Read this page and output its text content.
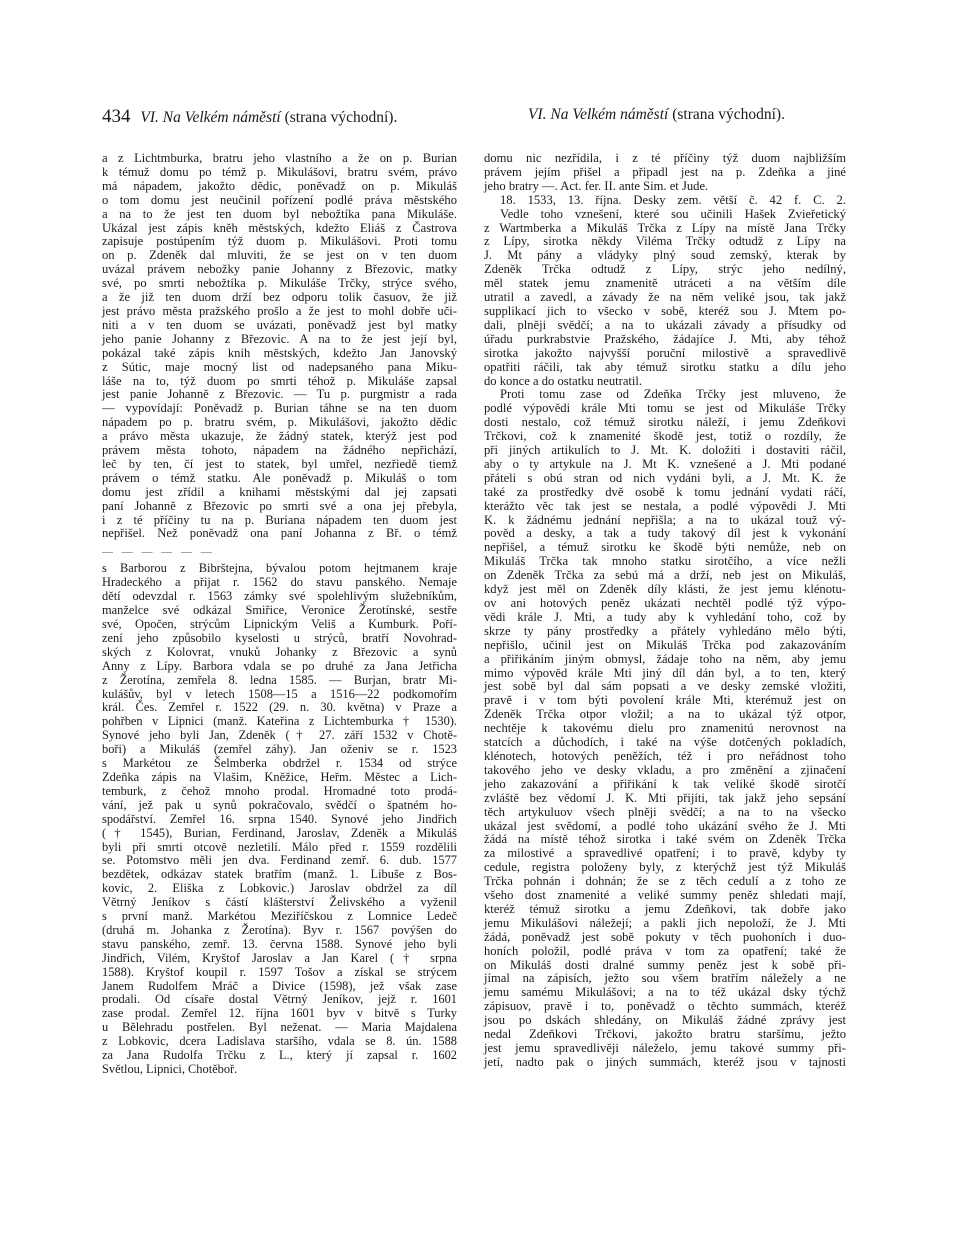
434 VI. Na Velkém náměstí (strana východní).	VI. Na Velkém náměstí (strana východní).

a z Lichtmburka, bratru jeho vlastního a že on p. Burian

k témuž domu po témž p. Mikulášovi, bratru svém, právo

má nápadem, jakožto dědic, poněvadž on p. Mikuláš

o tom domu jest neučinil pořízení podlé práva městského

a na to že jest ten duom byl nebožtíka pana Mikuláše.

Ukázal jest zápis kněh městských, kdežto Eliáš z Častrova

zapisuje postúpením týž duom p. Mikulášovi. Proti tomu

on p. Zdeněk dal mluviti, že se jest on v ten duom

uvázal právem nebožky panie Johanny z Březovic, matky

své, po smrti nebožtíka p. Mikuláše Trčky, strýce svého,

a že již ten duom drží bez odporu tolik časuov, že již

jest právo města pražského prošlo a že jest to mohl dobře uči-

niti a v ten duom se uvázati, poněvadž jest byl matky

jeho panie Johanny z Březovic. A na to že jest její byl,

pokázal také zápis knih městských, kdežto Jan Janovský

z Sútic, maje mocný list od nadepsaného pana Miku-

láše na to, týž duom po smrti téhož p. Mikuláše zapsal

jest panie Johanně z Březovic. — Tu p. purgmistr a rada

— vypovídají: Poněvadž p. Burian táhne se na ten duom

nápadem po p. bratru svém, p. Mikulášovi, jakožto dědic

a právo města ukazuje, že žádný statek, kterýž jest pod

právem města tohoto, nápadem na žádného nepřichází,

leč by ten, čí jest to statek, byl umřel, nezřiedě tiemž

právem o témž statku. Ale poněvadž p. Mikuláš o tom

domu jest zřídil a knihami městskými dal jej zapsati

paní Johanně z Březovic po smrti své a ona jej přebyla,

i z té příčiny tu na p. Buriana nápadem ten duom jest

nepřišel. Než poněvadž ona paní Johanna z Bř. o témž

— — — — — —

s Barborou z Bibrštejna, bývalou potom hejtmanem kraje

Hradeckého a přijat r. 1562 do stavu panského. Nemaje

dětí odevzdal r. 1563 zámky své spolehlivým služebníkům,

manželce své odkázal Smiřice, Veronice Žerotínské, sestře

své, Opočen, strýcům Lipnickým Veliš a Kumburk. Poří-

zení jeho způsobilo kyselosti u strýců, bratří Novohrad-

ských z Kolovrat, vnuků Johanky z Březovic a synů

Anny z Lípy. Barbora vdala se po druhé za Jana Jetřicha

z Žerotína, zemřela 8. ledna 1585. — Burjan, bratr Mi-

kulášův, byl v letech 1508—15 a 1516—22 podkomořím

král. Čes. Zemřel r. 1522 (29. n. 30. května) v Praze a

pohřben v Lipnici (manž. Kateřina z Lichtemburka † 1530).

Synové jeho byli Jan, Zdeněk († 27. září 1532 v Chotě-

boři) a Mikuláš (zemřel záhy). Jan oženiv se r. 1523

s Markétou ze Šelmberka obdržel r. 1534 od strýce

Zdeňka zápis na Vlašim, Kněžice, Heřm. Městec a Lich-

temburk, z čehož mnoho prodal. Hromadné toto prodá-

vání, jež pak u synů pokračovalo, svědčí o špatném ho-

spodářství. Zemřel 16. srpna 1540. Synové jeho Jindřich

(† 1545), Burian, Ferdinand, Jaroslav, Zdeněk a Mikuláš

byli při smrti otcově nezletilí. Málo před r. 1559 rozdělili

se. Potomstvo měli jen dva. Ferdinand zemř. 6. dub. 1577

bezdětek, odkázav statek bratřím (manž. 1. Libuše z Bos-

kovic, 2. Eliška z Lobkovic.) Jaroslav obdržel za díl

Větrný Jeníkov s částí klášterství Želivského a vyženil

s první manž. Markétou Meziříčskou z Lomnice Ledeč

(druhá m. Johanka z Žerotína). Byv r. 1567 povýšen do

stavu panského, zemř. 13. června 1588. Synové jeho byli

Jindřich, Vilém, Kryštof Jaroslav a Jan Karel († srpna

1588). Kryštof koupil r. 1597 Tošov a získal se strýcem

Janem Rudolfem Mráč a Divice (1598), jež však zase

prodali. Od císaře dostal Větrný Jeníkov, jejž r. 1601

zase prodal. Zemřel 12. října 1601 byv v bitvě s Turky

u Bělehradu postřelen. Byl neženat. — Maria Majdalena

z Lobkovic, dcera Ladislava staršího, vdala se 8. ún. 1588

za Jana Rudolfa Trčku z L., který jí zapsal r. 1602

Světlou, Lipnici, Chotěboř.

domu nic nezřídila, i z té příčiny týž duom najbližším

právem jejím přišel a připadl jest na p. Zdeňka a jiné

jeho bratry —. Act. fer. II. ante Sim. et Jude.

18. 1533, 13. října. Desky zem. větší č. 42 f. C. 2.

Vedle toho vznešení, které sou učinili Hašek Zvieřetický

z Wartmberka a Mikuláš Trčka z Lípy na místě Jana Trčky

z Lípy, sirotka někdy Viléma Trčky odtudž z Lípy na

J. Mt pány a vládyky plný soud zemský, kterak by

Zdeněk Trčka odtudž z Lípy, strýc jeho nedílný,

měl statek jemu znamenitě utráceti a na větším díle

utratil a zavedl, a závady že na něm veliké jsou, tak jakž

supplikací jich to všecko v sobě, kteréž sou J. Mtem po-

dali, plněji svědčí; a na to ukázali závady a přísudky od

úřadu purkrabstvie Pražského, žádajíce J. Mti, aby téhož

sirotka jakožto najvyšší poruční milostivě a spravedlivě

opatřiti ráčili, tak aby témuž sirotku statku a dílu jeho

do konce a do ostatku neutratil.

Proti tomu zase od Zdeňka Trčky jest mluveno, že

podlé výpovědi krále Mti tomu se jest od Mikuláše Trčky

dosti nestalo, což témuž sirotku náleží, i jemu Zdeňkovi

Trčkovi, což k znamenité škodě jest, totiž o rozdíly, že

při jiných artikulích to J. Mt. K. doložiti i dostaviti ráčil,

aby o ty artykule na J. Mt K. vznešené a J. Mti podané

přáteli s obú stran od nich vydáni byli, a J. Mt. K. že

také za prostředky dvě osobě k tomu jednání vydati ráčí,

kterážto věc tak jest se nestala, a podlé výpovědi J. Mti

K. k žádnému jednání nepřišla; a na to ukázal touž vý-

pověd a desky, a tak a tudy takový díl jest k vykonání

nepřišel, a témuž sirotku ke škodě býti nemůže, neb on

Mikuláš Trčka tak mnoho statku sirotčího, a více nežli

on Zdeněk Trčka za sebú má a drží, neb jest on Mikuláš,

když jest měl on Zdeněk díly klásti, že jest jemu klénotu-

ov ani hotových peněz ukázati nechtěl podlé týž výpo-

vědi krále J. Mti, a tudy aby k vyhledání toho, což by

skrze ty pány prostředky a přátely vyhledáno mělo býti,

nepřišlo, učinil jest on Mikuláš Trčka pod zakazováním

a přiřikáním jiným obmysl, žádaje toho na něm, aby jemu

mimo výpověd krále Mti jiný díl dán byl, a to ten, který

jest sobě byl dal sám popsati a ve desky zemské vložiti,

pravě i v tom býti povolení krále Mti, kterémuž jest on

Zdeněk Trčka otpor vložil; a na to ukázal týž otpor,

nechtěje k takovému dielu pro znamenitú nerovnost na

statcích a důchodích, i také na výše dotčených pokladích,

klénotech, hotových peněžích, též i pro neřádnost toho

takového jeho ve desky vkladu, a pro změnění a zjinačení

jeho zakazování a přiřikání k tak veliké škodě sirotčí

zvláště bez vědomí J. K. Mti přijíti, tak jakž jeho sepsání

těch artykuluov všech plněji svědčí; a na to na všecko

ukázal jest svědomí, a podlé toho ukázání svého že J. Mti

žádá na místě téhož sirotka i také svém on Zdeněk Trčka

za milostivé a spravedlivé opatření; i to pravě, kdyby ty

cedule, registra položeny byly, z kterýchž jest týž Mikuláš

Trčka pohnán i dohnán; že se z těch cedulí a z toho ze

všeho dost znamenité a veliké summy peněz shledati mají,

kteréž témuž sirotku a jemu Zdeňkovi, tak dobře jako

jemu Mikulášovi náležejí; a pakli jich nepoloží, že J. Mti

žádá, poněvadž jest sobě pokuty v těch puohoních i duo-

honích položil, podlé práva v tom za opatření; také že

on Mikuláš dosti dralné summy peněz jest k sobě při-

jímal na zápisích, ježto sou všem bratřím náležely a ne

jemu samému Mikulášovi; a na to též ukázal dsky týchž

zápisuov, pravě i to, poněvadž o těchto summách, kteréž

jsou po dskách shledány, on Mikuláš žádné zprávy jest

nedal Zdeňkovi Trčkovi, jakožto bratru staršímu, ježto

jest jemu spravedlivěji náleželo, jemu takové summy při-

jetí, nadto pak o jiných summách, kteréž jsou v tajnosti
